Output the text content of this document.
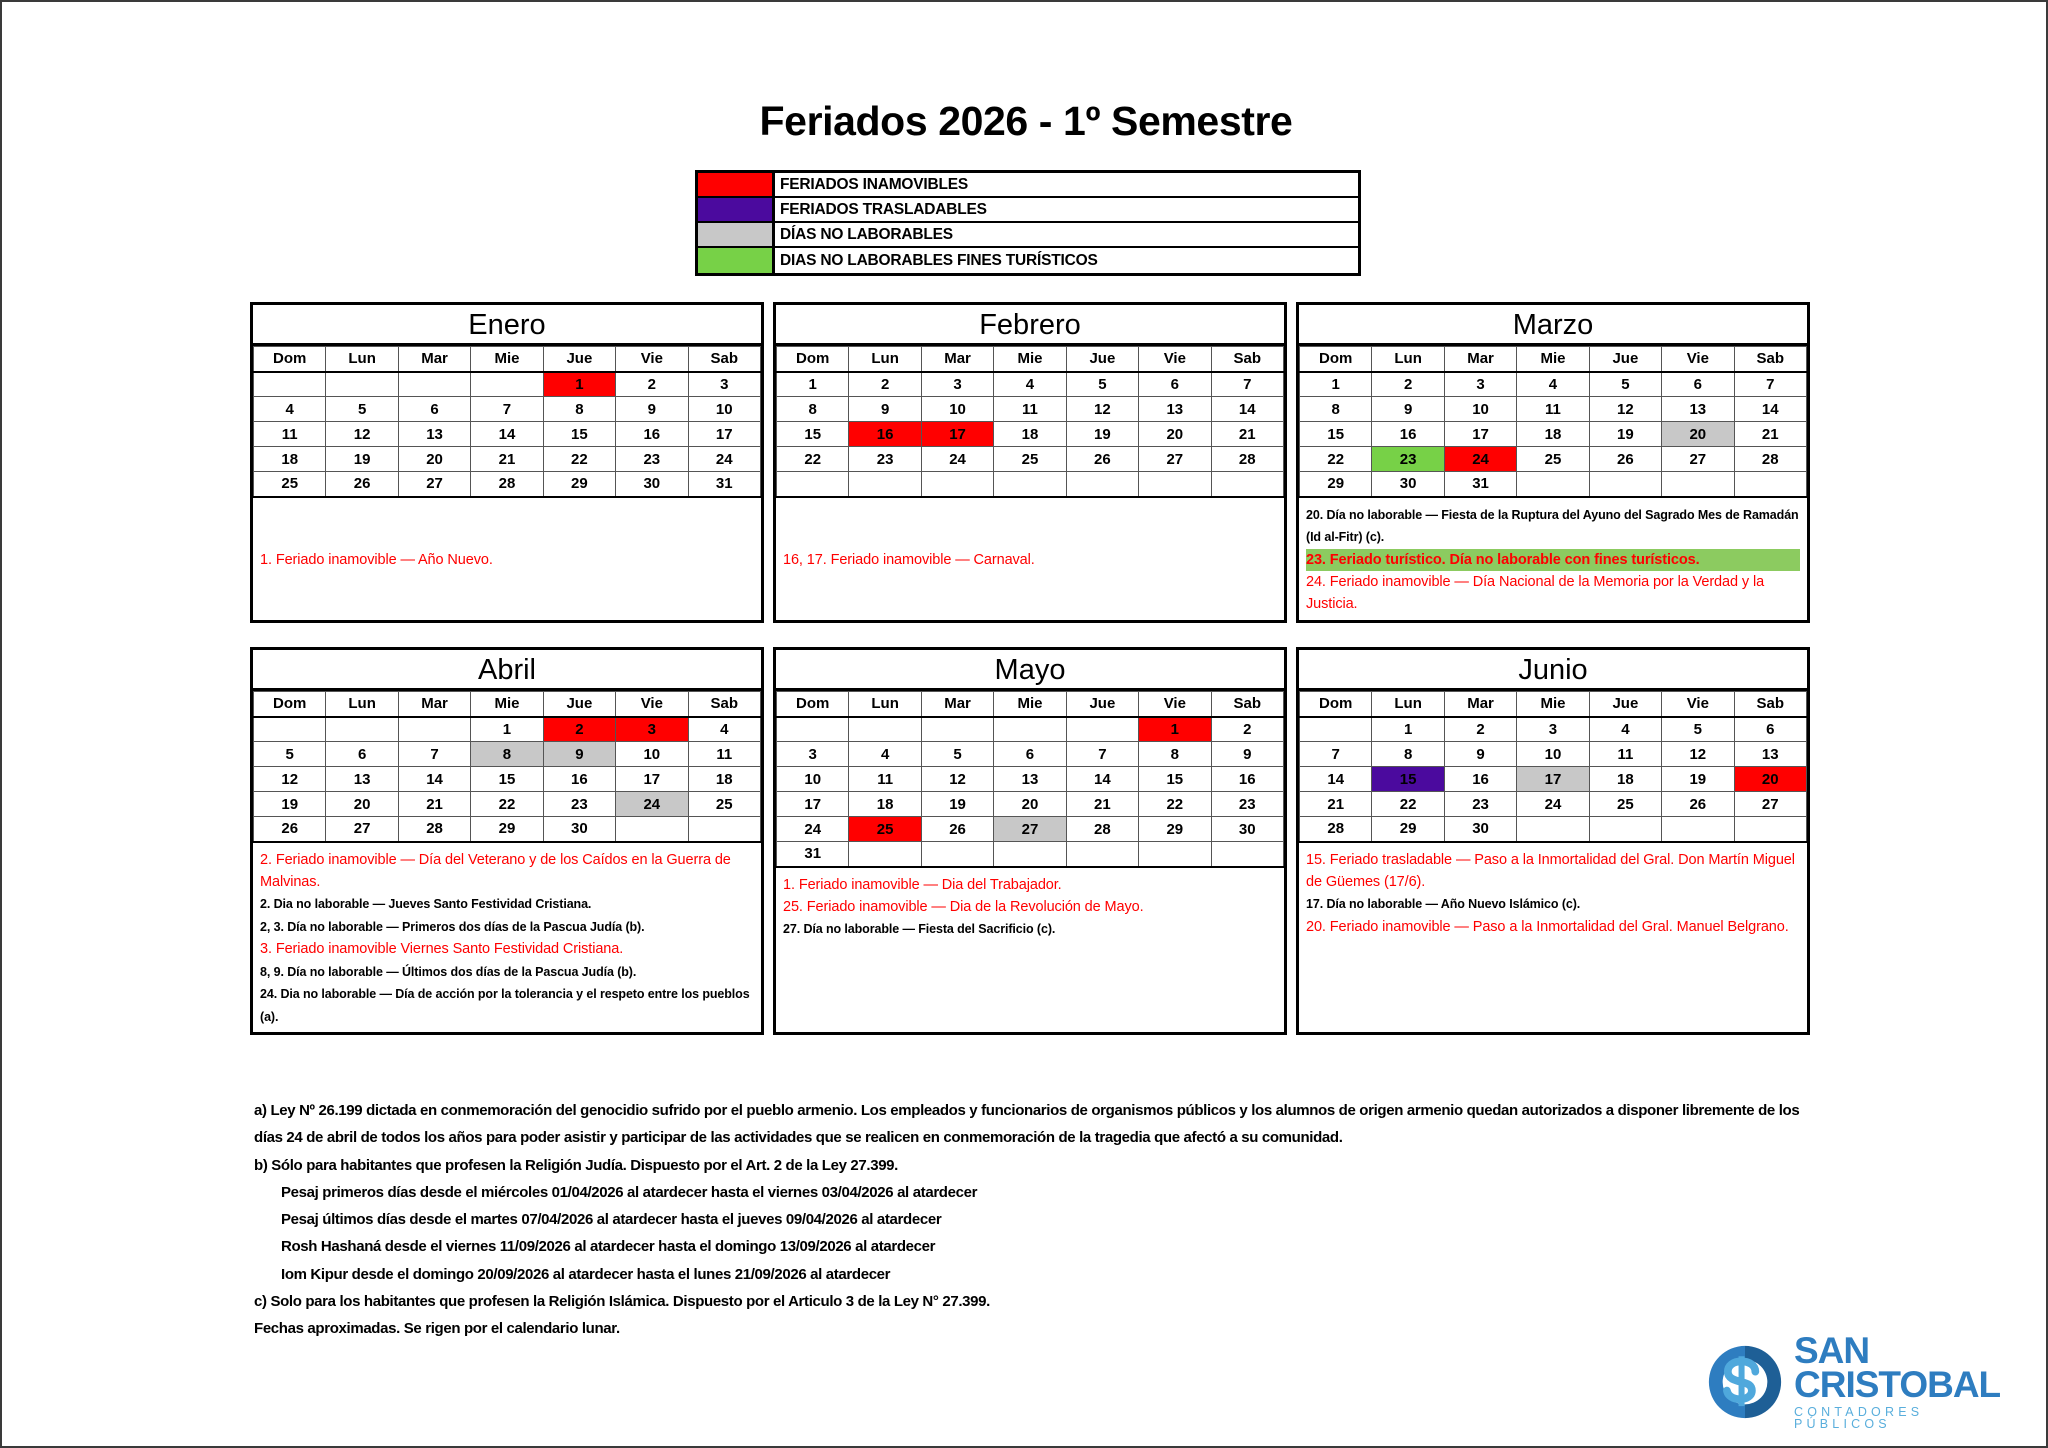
Feriados 2026 - 1º Semestre
FERIADOS INAMOVIBLES
FERIADOS TRASLADABLES
DÍAS NO LABORABLES
DIAS NO LABORABLES FINES TURÍSTICOS
Enero
Dom	Lun	Mar	Mie	Jue	Vie	Sab
				1	2	3
4	5	6	7	8	9	10
11	12	13	14	15	16	17
18	19	20	21	22	23	24
25	26	27	28	29	30	31
1. Feriado inamovible — Año Nuevo.
Febrero
Dom	Lun	Mar	Mie	Jue	Vie	Sab
1	2	3	4	5	6	7
8	9	10	11	12	13	14
15	16	17	18	19	20	21
22	23	24	25	26	27	28

16, 17. Feriado inamovible — Carnaval.
Marzo
Dom	Lun	Mar	Mie	Jue	Vie	Sab
1	2	3	4	5	6	7
8	9	10	11	12	13	14
15	16	17	18	19	20	21
22	23	24	25	26	27	28
29	30	31				
20. Día no laborable — Fiesta de la Ruptura del Ayuno del Sagrado Mes de Ramadán (Id al-Fitr) (c).
23. Feriado turístico. Día no laborable con fines turísticos.
24. Feriado inamovible — Día Nacional de la Memoria por la Verdad y la Justicia.
Abril
Dom	Lun	Mar	Mie	Jue	Vie	Sab
			1	2	3	4
5	6	7	8	9	10	11
12	13	14	15	16	17	18
19	20	21	22	23	24	25
26	27	28	29	30		
2. Feriado inamovible — Día del Veterano y de los Caídos en la Guerra de Malvinas.
2. Dia no laborable — Jueves Santo Festividad Cristiana.
2, 3. Día no laborable — Primeros dos días de la Pascua Judía (b).
3. Feriado inamovible Viernes Santo Festividad Cristiana.
8, 9. Día no laborable — Últimos dos días de la Pascua Judía (b).
24. Dia no laborable — Día de acción por la tolerancia y el respeto entre los pueblos (a).
Mayo
Dom	Lun	Mar	Mie	Jue	Vie	Sab
					1	2
3	4	5	6	7	8	9
10	11	12	13	14	15	16
17	18	19	20	21	22	23
24	25	26	27	28	29	30
31						
1. Feriado inamovible — Dia del Trabajador.
25. Feriado inamovible — Dia de la Revolución de Mayo.
27. Día no laborable — Fiesta del Sacrificio (c).
Junio
Dom	Lun	Mar	Mie	Jue	Vie	Sab
	1	2	3	4	5	6
7	8	9	10	11	12	13
14	15	16	17	18	19	20
21	22	23	24	25	26	27
28	29	30				
15. Feriado trasladable — Paso a la Inmortalidad del Gral. Don Martín Miguel de Güemes (17/6).
17. Día no laborable — Año Nuevo Islámico (c).
20. Feriado inamovible — Paso a la Inmortalidad del Gral. Manuel Belgrano.
a) Ley Nº 26.199 dictada en conmemoración del genocidio sufrido por el pueblo armenio. Los empleados y funcionarios de organismos públicos y los alumnos de origen armenio quedan autorizados a disponer libremente de los días 24 de abril de todos los años para poder asistir y participar de las actividades que se realicen en conmemoración de la tragedia que afectó a su comunidad.
b) Sólo para habitantes que profesen la Religión Judía. Dispuesto por el Art. 2 de la Ley 27.399.
Pesaj primeros días desde el miércoles 01/04/2026 al atardecer hasta el viernes 03/04/2026 al atardecer
Pesaj últimos días desde el martes 07/04/2026 al atardecer hasta el jueves 09/04/2026 al atardecer
Rosh Hashaná desde el viernes 11/09/2026 al atardecer hasta el domingo 13/09/2026 al atardecer
Iom Kipur desde el domingo 20/09/2026 al atardecer hasta el lunes 21/09/2026 al atardecer
c) Solo para los habitantes que profesen la Religión Islámica. Dispuesto por el Articulo 3 de la Ley N° 27.399.
Fechas aproximadas. Se rigen por el calendario lunar.
SAN
CRISTOBAL
CONTADORES PÚBLICOS
